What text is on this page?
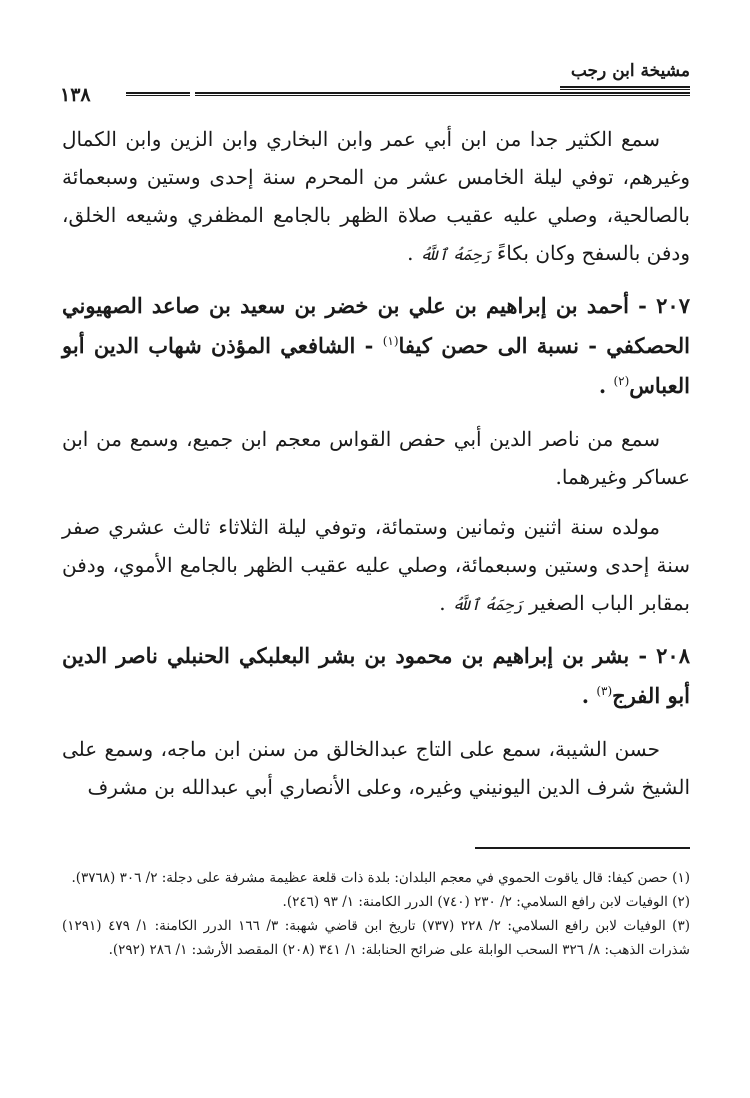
مشيخة ابن رجب
١٣٨

سمع الكثير جدا من ابن أبي عمر وابن البخاري وابن الزين وابن الكمال وغيرهم، توفي ليلة الخامس عشر من المحرم سنة إحدى وستين وسبعمائة بالصالحية، وصلي عليه عقيب صلاة الظهر بالجامع المظفري وشيعه الخلق، ودفن بالسفح وكان بكاءً رَحِمَهُ ٱللَّهُ .

٢٠٧ - أحمد بن إبراهيم بن علي بن خضر بن سعيد بن صاعد الصهيوني الحصكفي - نسبة الى حصن كيفا$^{(١)}$ - الشافعي المؤذن شهاب الدين أبو العباس$^{(٢)}$ .

سمع من ناصر الدين أبي حفص القواس معجم ابن جميع، وسمع من ابن عساكر وغيرهما.

مولده سنة اثنين وثمانين وستمائة، وتوفي ليلة الثلاثاء ثالث عشري صفر سنة إحدى وستين وسبعمائة، وصلي عليه عقيب الظهر بالجامع الأموي، ودفن بمقابر الباب الصغير رَحِمَهُ ٱللَّهُ .

٢٠٨ - بشر بن إبراهيم بن محمود بن بشر البعلبكي الحنبلي ناصر الدين أبو الفرج$^{(٣)}$ .

حسن الشيبة، سمع على التاج عبدالخالق من سنن ابن ماجه، وسمع على الشيخ شرف الدين اليونيني وغيره، وعلى الأنصاري أبي عبدالله بن مشرف

(١) حصن كيفا: قال ياقوت الحموي في معجم البلدان: بلدة ذات قلعة عظيمة مشرفة على دجلة: ٢/ ٣٠٦ (٣٧٦٨).

(٢) الوفيات لابن رافع السلامي: ٢/ ٢٣٠ (٧٤٠) الدرر الكامنة: ١/ ٩٣ (٢٤٦).

(٣) الوفيات لابن رافع السلامي: ٢/ ٢٢٨ (٧٣٧) تاريخ ابن قاضي شهبة: ٣/ ١٦٦ الدرر الكامنة: ١/ ٤٧٩ (١٢٩١) شذرات الذهب: ٨/ ٣٢٦ السحب الوابلة على ضرائح الحنابلة: ١/ ٣٤١ (٢٠٨) المقصد الأرشد: ١/ ٢٨٦ (٢٩٢).
